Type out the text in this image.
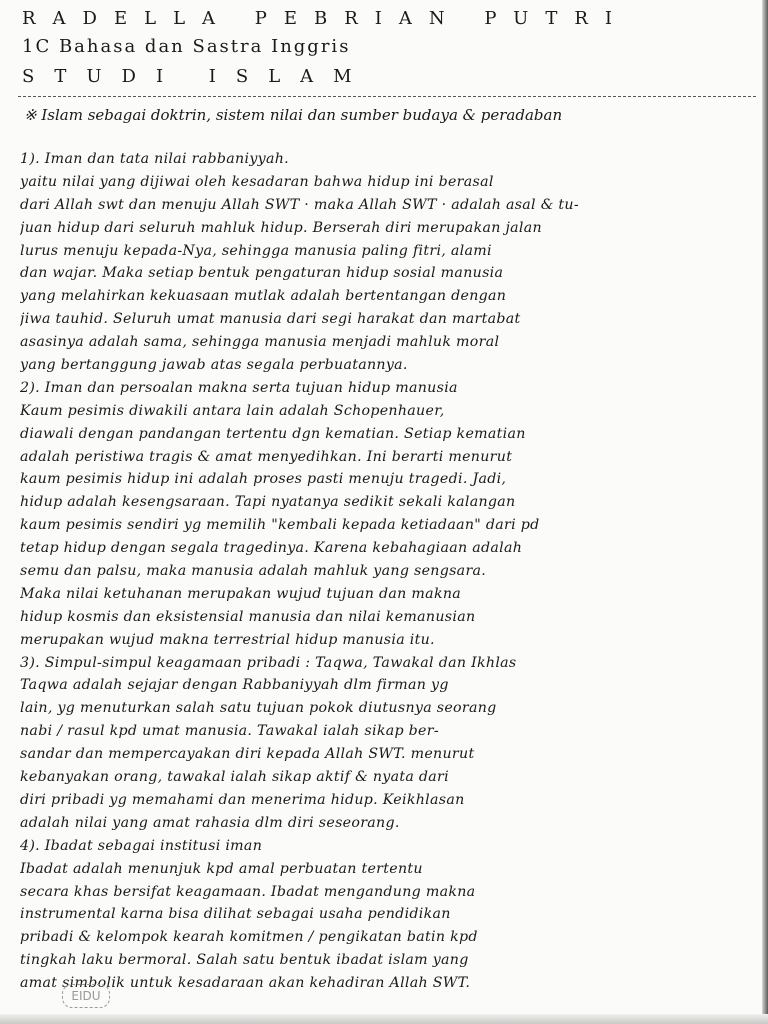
RADELLA PEBRIAN PUTRI
1C Bahasa dan Sastra Inggris
STUDI ISLAM
※ Islam sebagai doktrin, sistem nilai dan sumber budaya & peradaban
1). Iman dan tata nilai rabbaniyyah.
yaitu nilai yang dijiwai oleh kesadaran bahwa hidup ini berasal
dari Allah swt dan menuju Allah SWT · maka Allah SWT · adalah asal & tu-
juan hidup dari seluruh mahluk hidup. Berserah diri merupakan jalan
lurus menuju kepada-Nya, sehingga manusia paling fitri, alami
dan wajar. Maka setiap bentuk pengaturan hidup sosial manusia
yang melahirkan kekuasaan mutlak adalah bertentangan dengan
jiwa tauhid. Seluruh umat manusia dari segi harakat dan martabat
asasinya adalah sama, sehingga manusia menjadi mahluk moral
yang bertanggung jawab atas segala perbuatannya.
2). Iman dan persoalan makna serta tujuan hidup manusia
Kaum pesimis diwakili antara lain adalah Schopenhauer,
diawali dengan pandangan tertentu dgn kematian. Setiap kematian
adalah peristiwa tragis & amat menyedihkan. Ini berarti menurut
kaum pesimis hidup ini adalah proses pasti menuju tragedi. Jadi,
hidup adalah kesengsaraan. Tapi nyatanya sedikit sekali kalangan
kaum pesimis sendiri yg memilih "kembali kepada ketiadaan" dari pd
tetap hidup dengan segala tragedinya. Karena kebahagiaan adalah
semu dan palsu, maka manusia adalah mahluk yang sengsara.
Maka nilai ketuhanan merupakan wujud tujuan dan makna
hidup kosmis dan eksistensial manusia dan nilai kemanusian
merupakan wujud makna terrestrial hidup manusia itu.
3). Simpul-simpul keagamaan pribadi : Taqwa, Tawakal dan Ikhlas
Taqwa adalah sejajar dengan Rabbaniyyah dlm firman yg
lain, yg menuturkan salah satu tujuan pokok diutusnya seorang
nabi / rasul kpd umat manusia. Tawakal ialah sikap ber-
sandar dan mempercayakan diri kepada Allah SWT. menurut
kebanyakan orang, tawakal ialah sikap aktif & nyata dari
diri pribadi yg memahami dan menerima hidup. Keikhlasan
adalah nilai yang amat rahasia dlm diri seseorang.
4). Ibadat sebagai institusi iman
Ibadat adalah menunjuk kpd amal perbuatan tertentu
secara khas bersifat keagamaan. Ibadat mengandung makna
instrumental karna bisa dilihat sebagai usaha pendidikan
pribadi & kelompok kearah komitmen / pengikatan batin kpd
tingkah laku bermoral. Salah satu bentuk ibadat islam yang
amat simbolik untuk kesadaraan akan kehadiran Allah SWT.
EIDU
